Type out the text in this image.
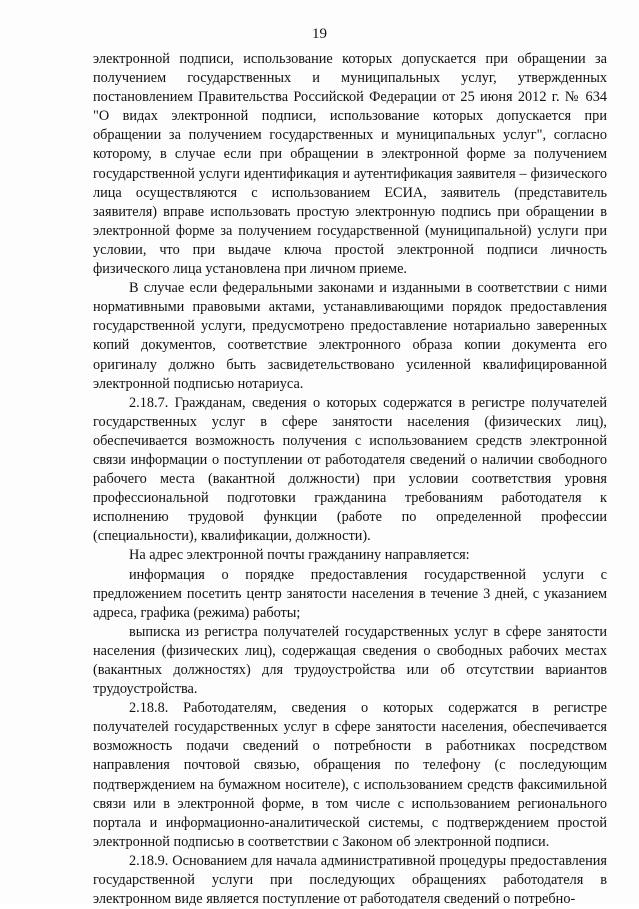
19

электронной подписи, использование которых допускается при обращении за получением государственных и муниципальных услуг, утвержденных постановлением Правительства Российской Федерации от 25 июня 2012 г. № 634 "О видах электронной подписи, использование которых допускается при обращении за получением государственных и муниципальных услуг", согласно которому, в случае если при обращении в электронной форме за получением государственной услуги идентификация и аутентификация заявителя – физического лица осуществляются с использованием ЕСИА, заявитель (представитель заявителя) вправе использовать простую электронную подпись при обращении в электронной форме за получением государственной (муниципальной) услуги при условии, что при выдаче ключа простой электронной подписи личность физического лица установлена при личном приеме.

В случае если федеральными законами и изданными в соответствии с ними нормативными правовыми актами, устанавливающими порядок предоставления государственной услуги, предусмотрено предоставление нотариально заверенных копий документов, соответствие электронного образа копии документа его оригиналу должно быть засвидетельствовано усиленной квалифицированной электронной подписью нотариуса.

2.18.7. Гражданам, сведения о которых содержатся в регистре получателей государственных услуг в сфере занятости населения (физических лиц), обеспечивается возможность получения с использованием средств электронной связи информации о поступлении от работодателя сведений о наличии свободного рабочего места (вакантной должности) при условии соответствия уровня профессиональной подготовки гражданина требованиям работодателя к исполнению трудовой функции (работе по определенной профессии (специальности), квалификации, должности).

На адрес электронной почты гражданину направляется:

информация о порядке предоставления государственной услуги с предложением посетить центр занятости населения в течение 3 дней, с указанием адреса, графика (режима) работы;

выписка из регистра получателей государственных услуг в сфере занятости населения (физических лиц), содержащая сведения о свободных рабочих местах (вакантных должностях) для трудоустройства или об отсутствии вариантов трудоустройства.

2.18.8. Работодателям, сведения о которых содержатся в регистре получателей государственных услуг в сфере занятости населения, обеспечивается возможность подачи сведений о потребности в работниках посредством направления почтовой связью, обращения по телефону (с последующим подтверждением на бумажном носителе), с использованием средств факсимильной связи или в электронной форме, в том числе с использованием регионального портала и информационно-аналитической системы, с подтверждением простой электронной подписью в соответствии с Законом об электронной подписи.

2.18.9. Основанием для начала административной процедуры предоставления государственной услуги при последующих обращениях работодателя в электронном виде является поступление от работодателя сведений о потребно-
